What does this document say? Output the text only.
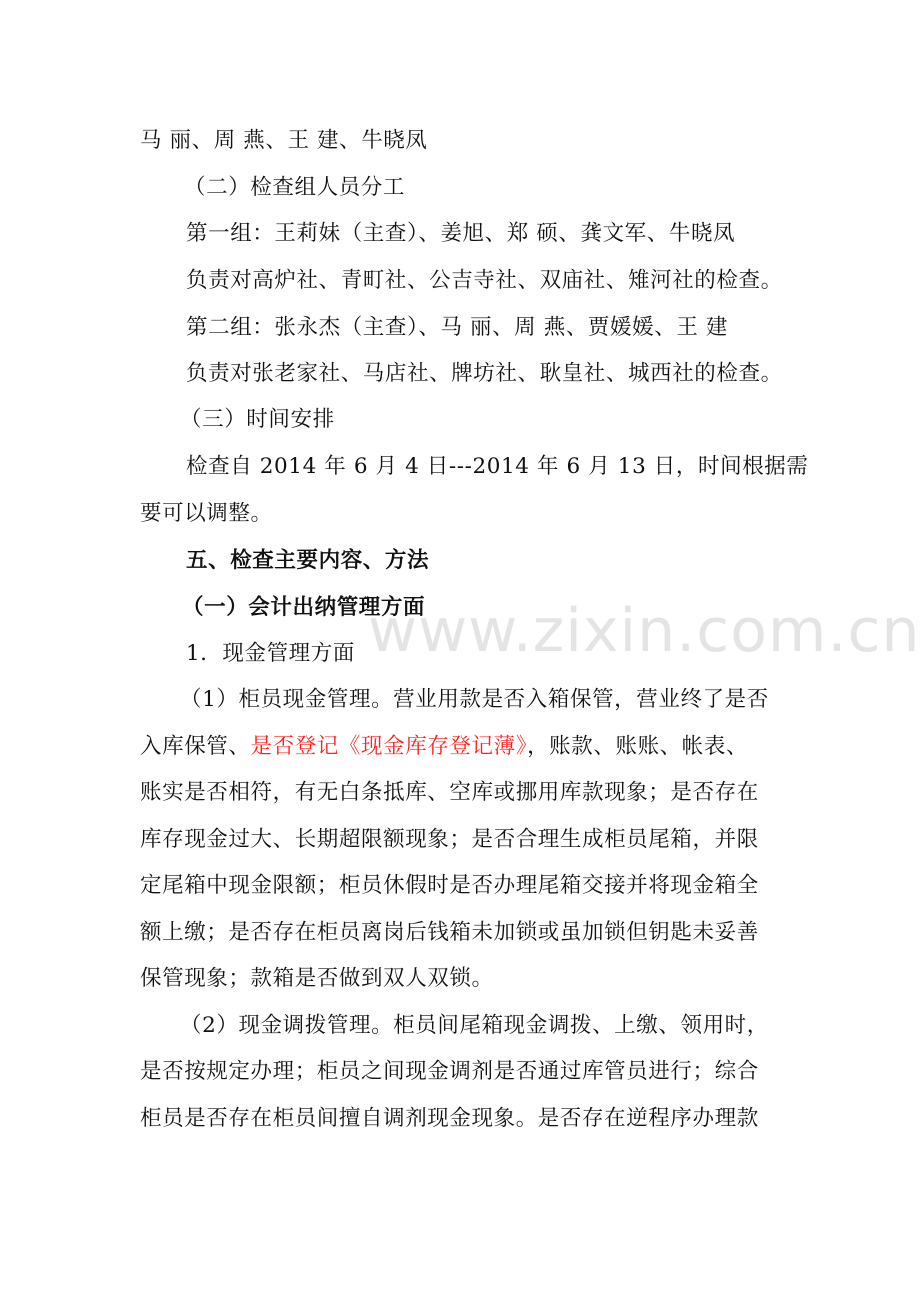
www.zixin.com.cn
马 丽、周 燕、王 建、牛晓凤
（二）检查组人员分工
第一组：王莉妹（主查）、姜旭、郑 硕、龚文军、牛晓凤
负责对高炉社、青町社、公吉寺社、双庙社、雉河社的检查。
第二组：张永杰（主查）、马 丽、周 燕、贾媛媛、王 建
负责对张老家社、马店社、牌坊社、耿皇社、城西社的检查。
（三）时间安排
检查自 2014 年 6 月 4 日---2014 年 6 月 13 日，时间根据需
要可以调整。
五、检查主要内容、方法
（一）会计出纳管理方面
1．现金管理方面
（1）柜员现金管理。营业用款是否入箱保管，营业终了是否
入库保管、是否登记《现金库存登记薄》，账款、账账、帐表、
账实是否相符，有无白条抵库、空库或挪用库款现象；是否存在
库存现金过大、长期超限额现象；是否合理生成柜员尾箱，并限
定尾箱中现金限额；柜员休假时是否办理尾箱交接并将现金箱全
额上缴；是否存在柜员离岗后钱箱未加锁或虽加锁但钥匙未妥善
保管现象；款箱是否做到双人双锁。
（2）现金调拨管理。柜员间尾箱现金调拨、上缴、领用时，
是否按规定办理；柜员之间现金调剂是否通过库管员进行；综合
柜员是否存在柜员间擅自调剂现金现象。是否存在逆程序办理款
